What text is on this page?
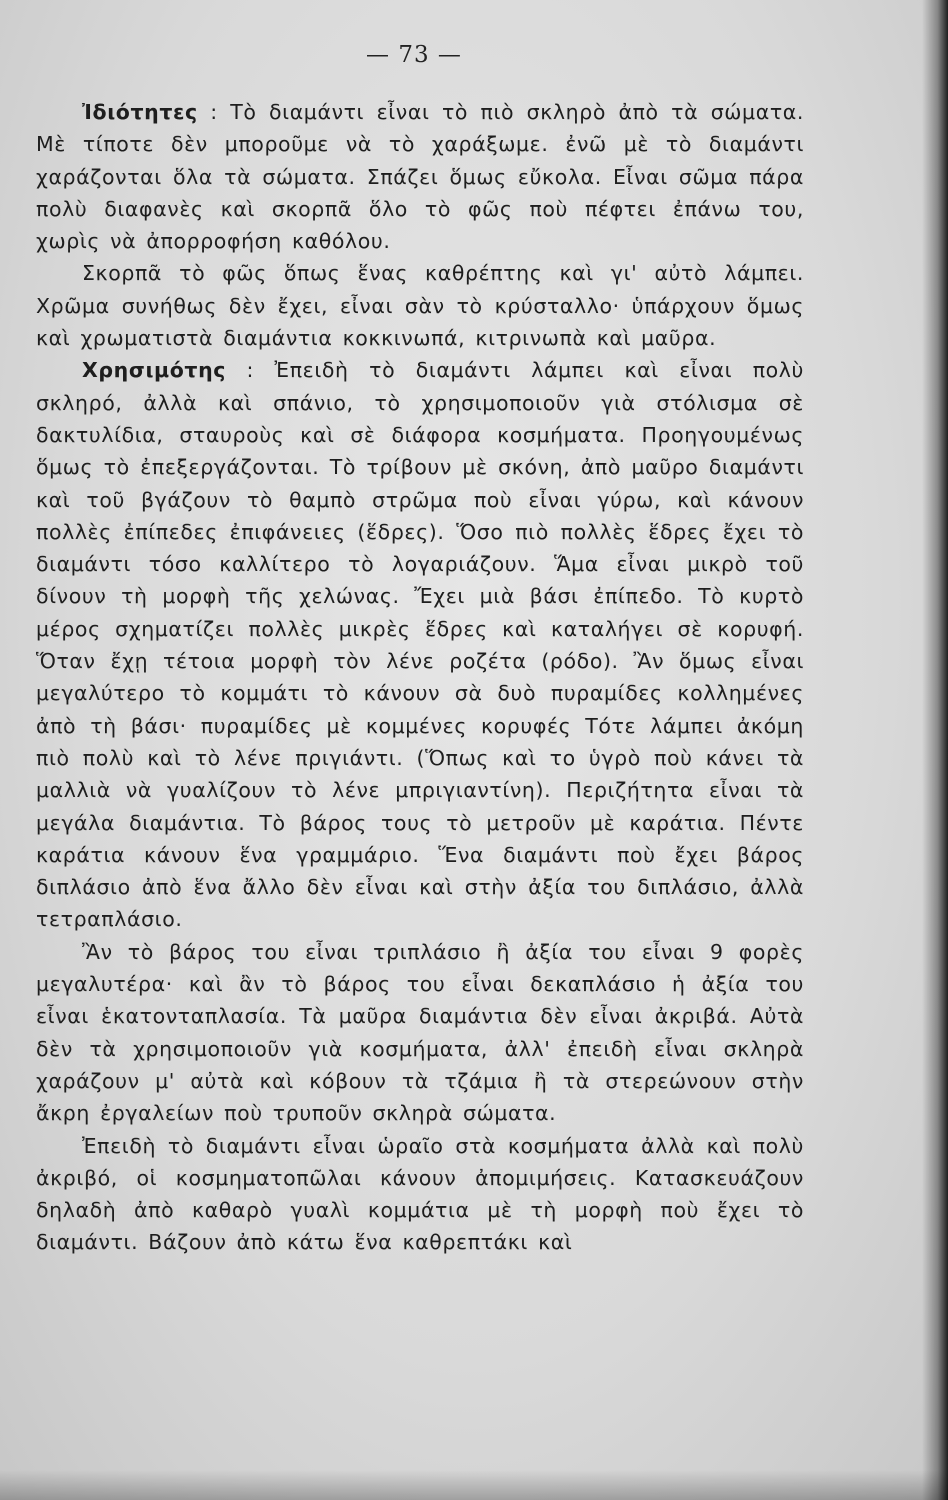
— 73 —

Ἰδιότητες : Τὸ διαμάντι εἶναι τὸ πιὸ σκληρὸ ἀπὸ τὰ σώματα. Μὲ τίποτε δὲν μποροῦμε νὰ τὸ χαράξωμε. ἐνῶ μὲ τὸ διαμάντι χαράζονται ὅλα τὰ σώματα. Σπάζει ὅμως εὔκολα. Εἶναι σῶμα πάρα πολὺ διαφανὲς καὶ σκορπᾶ ὅλο τὸ φῶς ποὺ πέφτει ἐπάνω του, χωρὶς νὰ ἀπορροφήση καθόλου.

Σκορπᾶ τὸ φῶς ὅπως ἕνας καθρέπτης καὶ γι' αὐτὸ λάμπει. Χρῶμα συνήθως δὲν ἔχει, εἶναι σὰν τὸ κρύσταλλο· ὑπάρχουν ὅμως καὶ χρωματιστὰ διαμάντια κοκκινωπά, κιτρινωπὰ καὶ μαῦρα.

Χρησιμότης : Ἐπειδὴ τὸ διαμάντι λάμπει καὶ εἶναι πολὺ σκληρό, ἀλλὰ καὶ σπάνιο, τὸ χρησιμοποιοῦν γιὰ στόλισμα σὲ δακτυλίδια, σταυροὺς καὶ σὲ διάφορα κοσμήματα. Προηγουμένως ὅμως τὸ ἐπεξεργάζονται. Τὸ τρίβουν μὲ σκόνη, ἀπὸ μαῦρο διαμάντι καὶ τοῦ βγάζουν τὸ θαμπὸ στρῶμα ποὺ εἶναι γύρω, καὶ κάνουν πολλὲς ἐπίπεδες ἐπιφάνειες (ἕδρες). Ὅσο πιὸ πολλὲς ἕδρες ἔχει τὸ διαμάντι τόσο καλλίτερο τὸ λογαριάζουν. Ἅμα εἶναι μικρὸ τοῦ δίνουν τὴ μορφὴ τῆς χελώνας. Ἔχει μιὰ βάσι ἐπίπεδο. Τὸ κυρτὸ μέρος σχηματίζει πολλὲς μικρὲς ἕδρες καὶ καταλήγει σὲ κορυφή. Ὅταν ἔχῃ τέτοια μορφὴ τὸν λένε ροζέτα (ρόδο). Ἂν ὅμως εἶναι μεγαλύτερο τὸ κομμάτι τὸ κάνουν σὰ δυὸ πυραμίδες κολλημένες ἀπὸ τὴ βάσι· πυραμίδες μὲ κομμένες κορυφές Τότε λάμπει ἀκόμη πιὸ πολὺ καὶ τὸ λένε πριγιάντι. (Ὅπως καὶ το ὑγρὸ ποὺ κάνει τὰ μαλλιὰ νὰ γυαλίζουν τὸ λένε μπριγιαντίνη). Περιζήτητα εἶναι τὰ μεγάλα διαμάντια. Τὸ βάρος τους τὸ μετροῦν μὲ καράτια. Πέντε καράτια κάνουν ἕνα γραμμάριο. Ἕνα διαμάντι ποὺ ἔχει βάρος διπλάσιο ἀπὸ ἕνα ἄλλο δὲν εἶναι καὶ στὴν ἀξία του διπλάσιο, ἀλλὰ τετραπλάσιο.

Ἂν τὸ βάρος του εἶναι τριπλάσιο ἢ ἀξία του εἶναι 9 φορὲς μεγαλυτέρα· καὶ ἂν τὸ βάρος του εἶναι δεκαπλάσιο ἡ ἀξία του εἶναι ἑκατονταπλασία. Τὰ μαῦρα διαμάντια δὲν εἶναι ἀκριβά. Αὐτὰ δὲν τὰ χρησιμοποιοῦν γιὰ κοσμήματα, ἀλλ' ἐπειδὴ εἶναι σκληρὰ χαράζουν μ' αὐτὰ καὶ κόβουν τὰ τζάμια ἢ τὰ στερεώνουν στὴν ἄκρη ἐργαλείων ποὺ τρυποῦν σκληρὰ σώματα.

Ἐπειδὴ τὸ διαμάντι εἶναι ὡραῖο στὰ κοσμήματα ἀλλὰ καὶ πολὺ ἀκριβό, οἱ κοσμηματοπῶλαι κάνουν ἀπομιμήσεις. Κατασκευάζουν δηλαδὴ ἀπὸ καθαρὸ γυαλὶ κομμάτια μὲ τὴ μορφὴ ποὺ ἔχει τὸ διαμάντι. Βάζουν ἀπὸ κάτω ἕνα καθρεπτάκι καὶ
